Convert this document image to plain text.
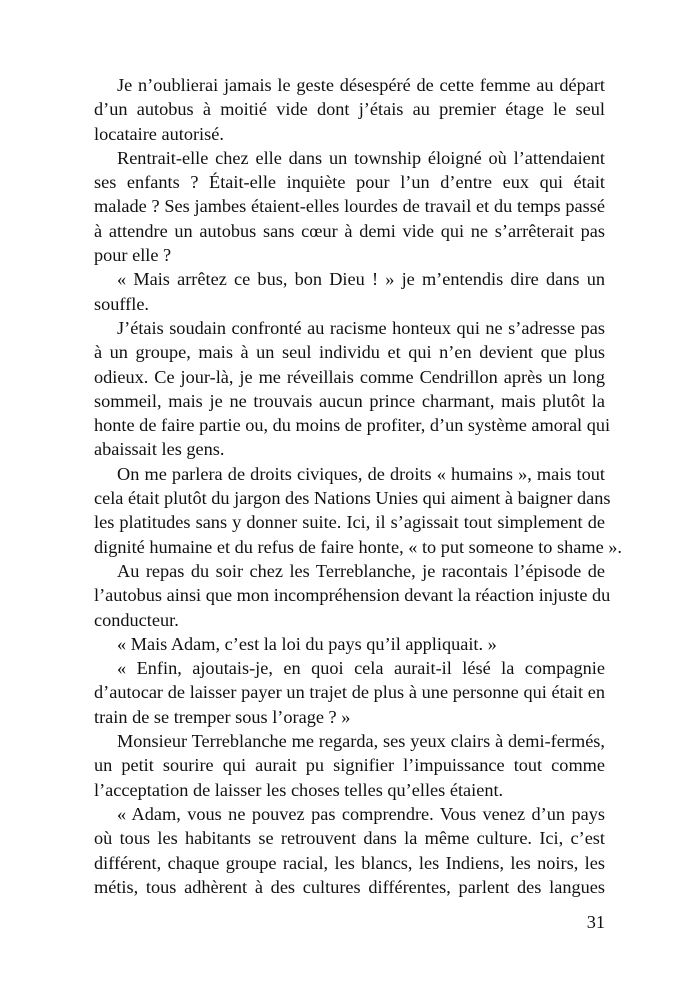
Je n’oublierai jamais le geste désespéré de cette femme au départ
d’un autobus à moitié vide dont j’étais au premier étage le seul
locataire autorisé.
Rentrait-elle chez elle dans un township éloigné où l’attendaient
ses enfants ? Était-elle inquiète pour l’un d’entre eux qui était
malade ? Ses jambes étaient-elles lourdes de travail et du temps passé
à attendre un autobus sans cœur à demi vide qui ne s’arrêterait pas
pour elle ?
« Mais arrêtez ce bus, bon Dieu ! » je m’entendis dire dans un
souffle.
J’étais soudain confronté au racisme honteux qui ne s’adresse pas
à un groupe, mais à un seul individu et qui n’en devient que plus
odieux. Ce jour-là, je me réveillais comme Cendrillon après un long
sommeil, mais je ne trouvais aucun prince charmant, mais plutôt la
honte de faire partie ou, du moins de profiter, d’un système amoral qui
abaissait les gens.
On me parlera de droits civiques, de droits « humains », mais tout
cela était plutôt du jargon des Nations Unies qui aiment à baigner dans
les platitudes sans y donner suite. Ici, il s’agissait tout simplement de
dignité humaine et du refus de faire honte, « to put someone to shame ».
Au repas du soir chez les Terreblanche, je racontais l’épisode de
l’autobus ainsi que mon incompréhension devant la réaction injuste du
conducteur.
« Mais Adam, c’est la loi du pays qu’il appliquait. »
« Enfin, ajoutais-je, en quoi cela aurait-il lésé la compagnie
d’autocar de laisser payer un trajet de plus à une personne qui était en
train de se tremper sous l’orage ? »
Monsieur Terreblanche me regarda, ses yeux clairs à demi-fermés,
un petit sourire qui aurait pu signifier l’impuissance tout comme
l’acceptation de laisser les choses telles qu’elles étaient.
« Adam, vous ne pouvez pas comprendre. Vous venez d’un pays
où tous les habitants se retrouvent dans la même culture. Ici, c’est
différent, chaque groupe racial, les blancs, les Indiens, les noirs, les
métis, tous adhèrent à des cultures différentes, parlent des langues
31
